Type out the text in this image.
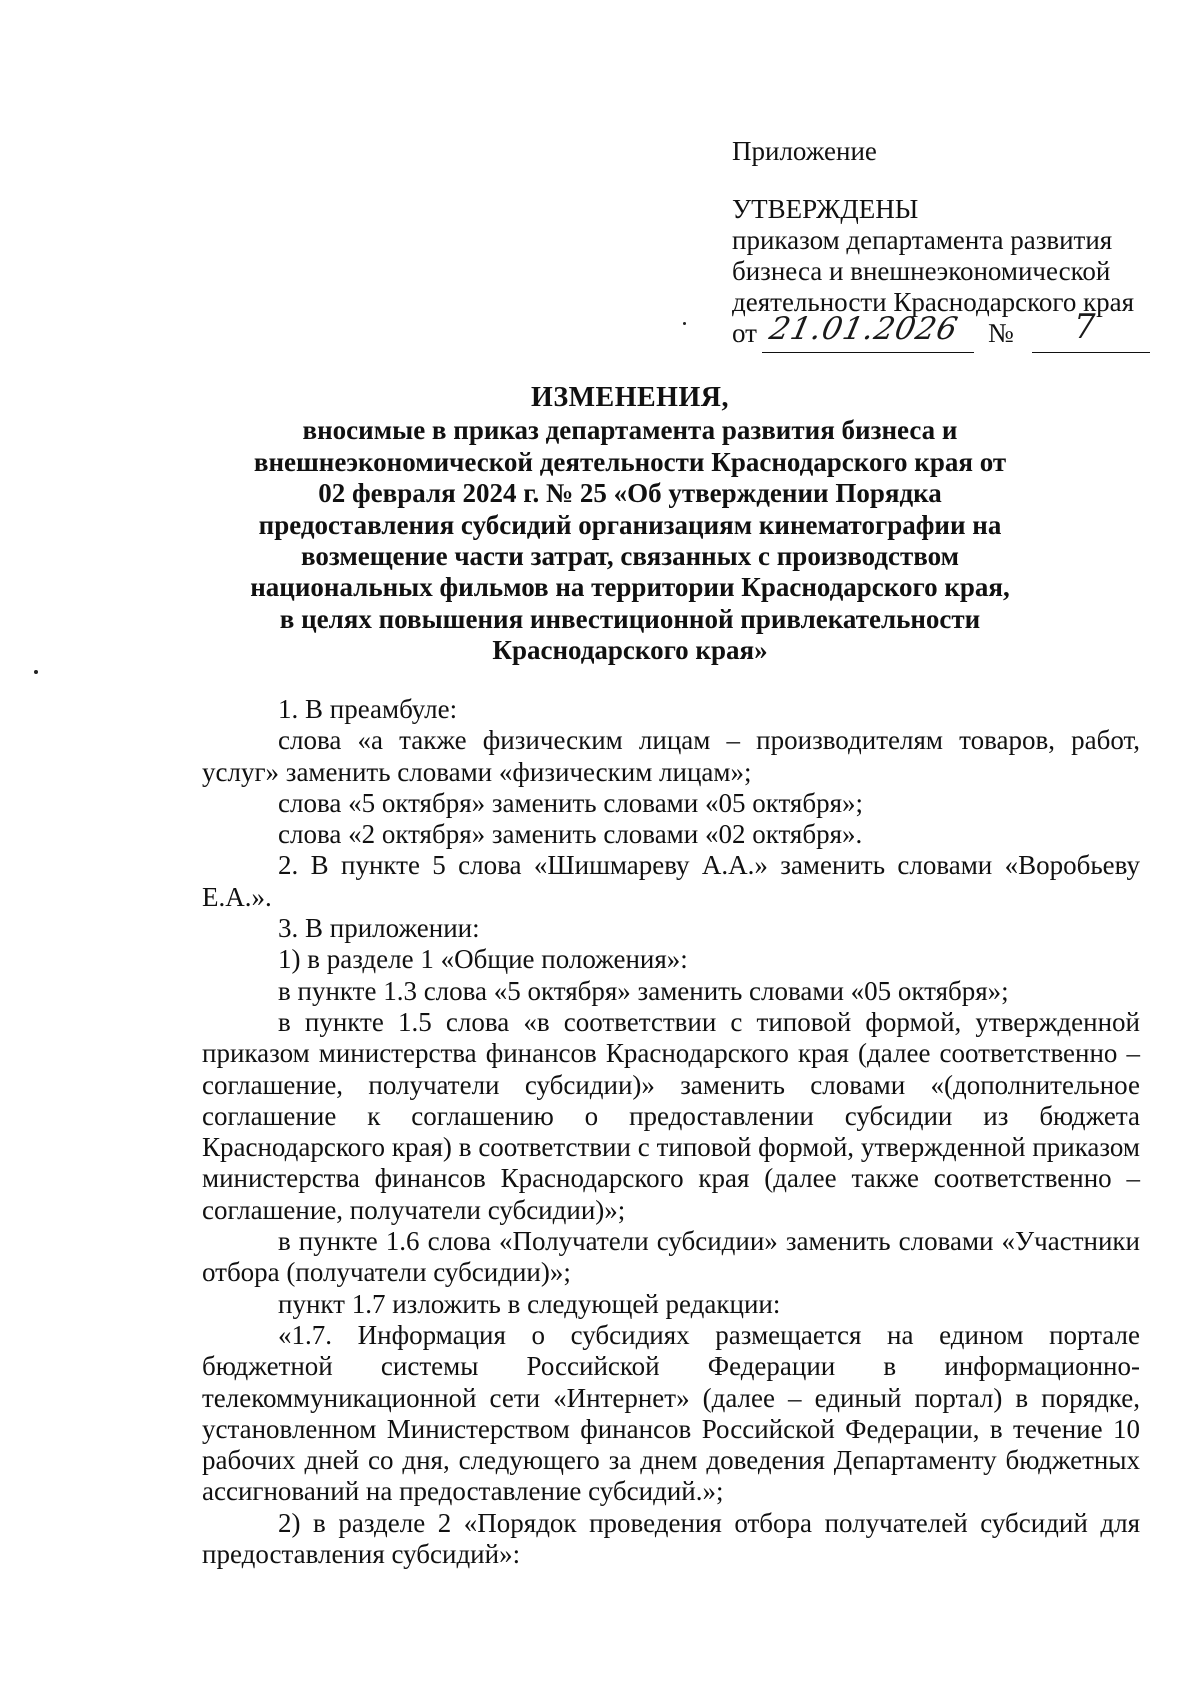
Приложение
УТВЕРЖДЕНЫ
приказом департамента развития
бизнеса и внешнеэкономической
деятельности Краснодарского края
от 21.01.2026 № 7
ИЗМЕНЕНИЯ,
вносимые в приказ департамента развития бизнеса и
внешнеэкономической деятельности Краснодарского края от
02 февраля 2024 г. № 25 «Об утверждении Порядка
предоставления субсидий организациям кинематографии на
возмещение части затрат, связанных с производством
национальных фильмов на территории Краснодарского края,
в целях повышения инвестиционной привлекательности
Краснодарского края»

1. В преамбуле:

слова «а также физическим лицам – производителям товаров, работ, услуг» заменить словами «физическим лицам»;

слова «5 октября» заменить словами «05 октября»;

слова «2 октября» заменить словами «02 октября».

2. В пункте 5 слова «Шишмареву А.А.» заменить словами «Воробьеву Е.А.».

3. В приложении:

1) в разделе 1 «Общие положения»:

в пункте 1.3 слова «5 октября» заменить словами «05 октября»;

в пункте 1.5 слова «в соответствии с типовой формой, утвержденной приказом министерства финансов Краснодарского края (далее соответственно – соглашение, получатели субсидии)» заменить словами «(дополнительное соглашение к соглашению о предоставлении субсидии из бюджета Краснодарского края) в соответствии с типовой формой, утвержденной приказом министерства финансов Краснодарского края (далее также соответственно – соглашение, получатели субсидии)»;

в пункте 1.6 слова «Получатели субсидии» заменить словами «Участники отбора (получатели субсидии)»;

пункт 1.7 изложить в следующей редакции:

«1.7. Информация о субсидиях размещается на едином портале бюджетной системы Российской Федерации в информационно-телекоммуникационной сети «Интернет» (далее – единый портал) в порядке, установленном Министерством финансов Российской Федерации, в течение 10 рабочих дней со дня, следующего за днем доведения Департаменту бюджетных ассигнований на предоставление субсидий.»;

2) в разделе 2 «Порядок проведения отбора получателей субсидий для предоставления субсидий»:
